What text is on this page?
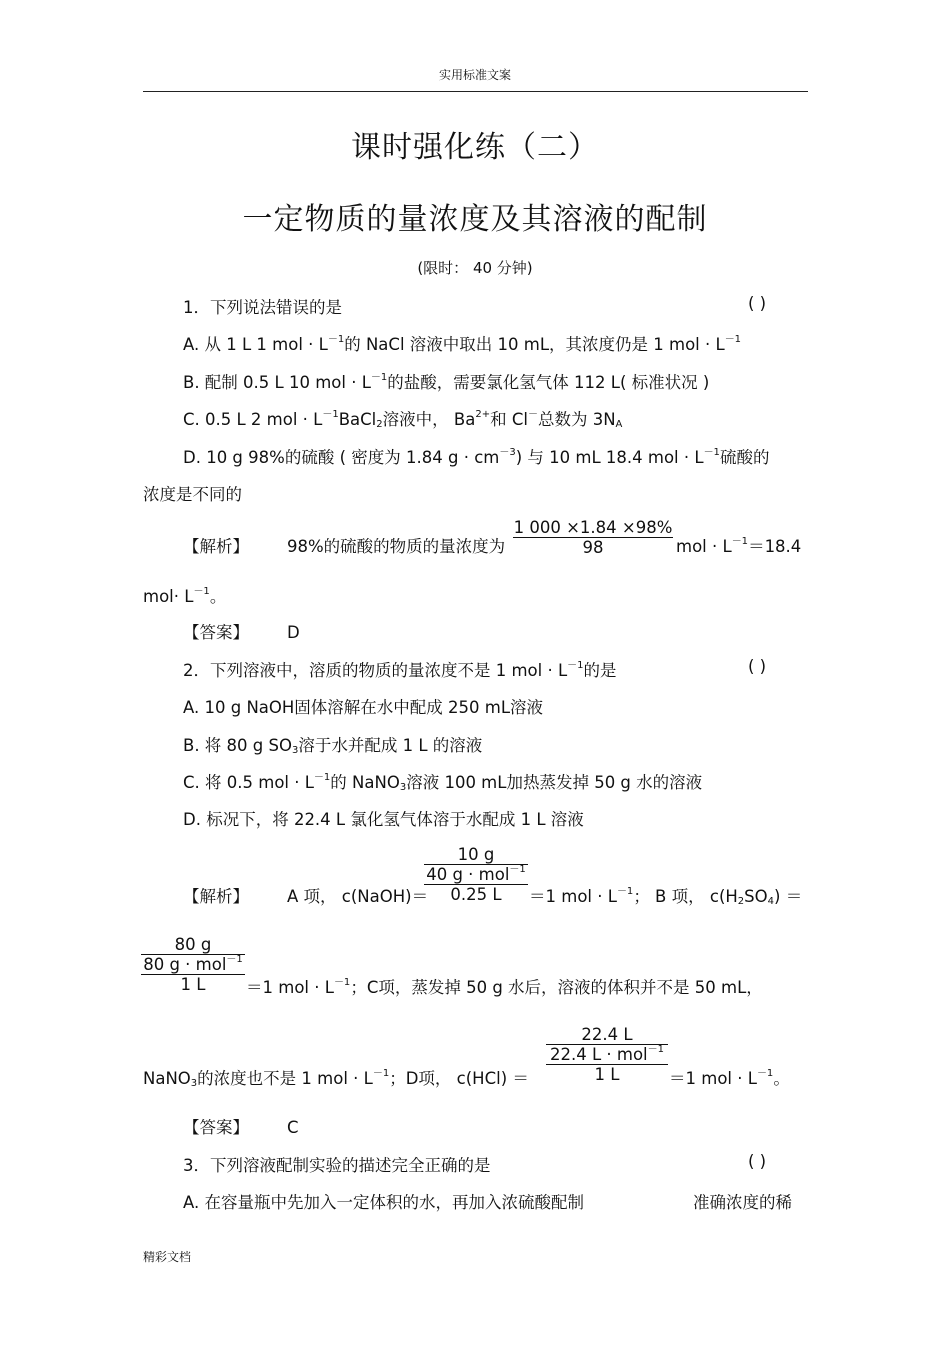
实用标准文案
课时强化练（二）
一定物质的量浓度及其溶液的配制
(限时： 40 分钟)
1．下列说法错误的是	( )
A. 从 1 L 1 mol · $L^{-1}$的 NaCl 溶液中取出 10 mL，其浓度仍是 1 mol · $L^{-1}$
B. 配制 0.5 L 10 mol · $L^{-1}$的盐酸，需要氯化氢气体 112 L( 标准状况 )
C. 0.5 L 2 mol · $L^{-1}BaCl_2$溶液中， $Ba^{2+}$和 Cl－总数为 $3N_A$
D. 10 g 98%的硫酸 ( 密度为 1.84 $g \cdot cm^{-3}$) 与 10 mL 18.4 mol · $L^{-1}$硫酸的
浓度是不同的
【解析】 98%的硫酸的物质的量浓度为
1 000 ×1.84 ×98%
98	mol · $L^{-1}=18.4$
$mol\cdot L^{-1}$。
【答案】 D
2．下列溶液中，溶质的物质的量浓度不是 1 mol · $L^{-1}$的是	( )
A. 10 g NaOH固体溶解在水中配成 250 mL溶液
B. 将 80 g $SO_3$溶于水并配成 1 L 的溶液
C. 将 0.5 mol · $L^{-1}$的 NaNO$_3$溶液 100 mL加热蒸发掉 50 g 水的溶液
D. 标况下，将 22.4 L 氯化氢气体溶于水配成 1 L 溶液
【解析】 A 项， c(NaOH)＝
10 g
40 g · mol$^{-1}$
0.25 L	＝1 mol · $L^{-1}$； B 项， $c(H_2SO_4)$ ＝
80 g
80 g · mol$^{-1}$
1 L	＝1 mol · $L^{-1}$；C项，蒸发掉 50 g 水后，溶液的体积并不是 50 mL，
NaNO$_3$的浓度也不是 1 mol · $L^{-1}$；D项， c(HCl) ＝
22.4 L
22.4 L · mol$^{-1}$
1 L	＝1 mol · $L^{-1}$。
【答案】 C
3．下列溶液配制实验的描述完全正确的是	( )
A. 在容量瓶中先加入一定体积的水，再加入浓硫酸配制	准确浓度的稀
精彩文档
